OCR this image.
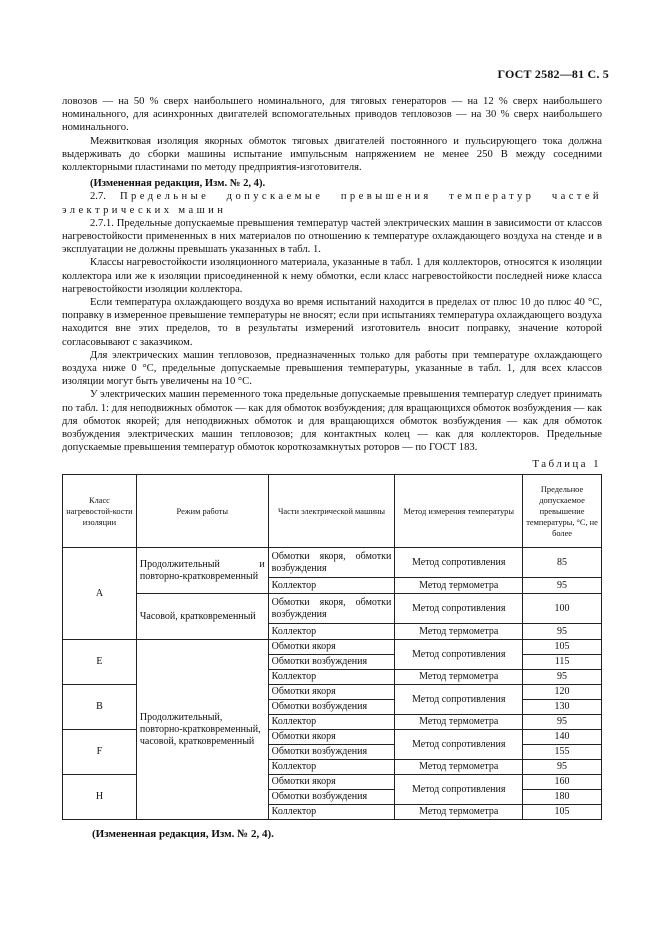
ГОСТ 2582—81 С. 5

ловозов — на 50 % сверх наибольшего номинального, для тяговых генераторов — на 12 % сверх наибольшего номинального, для асинхронных двигателей вспомогательных приводов тепловозов — на 30 % сверх наибольшего номинального.

Межвитковая изоляция якорных обмоток тяговых двигателей постоянного и пульсирующего тока должна выдерживать до сборки машины испытание импульсным напряжением не менее 250 В между соседними коллекторными пластинами по методу предприятия-изготовителя.

(Измененная редакция, Изм. № 2, 4).

2.7. Предельные допускаемые превышения температур частей электрических машин

2.7.1. Предельные допускаемые превышения температур частей электрических машин в зависимости от классов нагревостойкости примененных в них материалов по отношению к температуре охлаждающего воздуха на стенде и в эксплуатации не должны превышать указанных в табл. 1.

Классы нагревостойкости изоляционного материала, указанные в табл. 1 для коллекторов, относятся к изоляции коллектора или же к изоляции присоединенной к нему обмотки, если класс нагревостойкости последней ниже класса нагревостойкости изоляции коллектора.

Если температура охлаждающего воздуха во время испытаний находится в пределах от плюс 10 до плюс 40 °С, поправку в измеренное превышение температуры не вносят; если при испытаниях температура охлаждающего воздуха находится вне этих пределов, то в результаты измерений изготовитель вносит поправку, значение которой согласовывают с заказчиком.

Для электрических машин тепловозов, предназначенных только для работы при температуре охлаждающего воздуха ниже 0 °С, предельные допускаемые превышения температуры, указанные в табл. 1, для всех классов изоляции могут быть увеличены на 10 °С.

У электрических машин переменного тока предельные допускаемые превышения температур следует принимать по табл. 1: для неподвижных обмоток — как для обмоток возбуждения; для вращающихся обмоток возбуждения — как для обмоток якорей; для неподвижных обмоток и для вращающихся обмоток возбуждения — как для обмоток возбуждения электрических машин тепловозов; для контактных колец — как для коллекторов. Предельные допускаемые превышения температур обмоток короткозамкнутых роторов — по ГОСТ 183.

Таблица 1
Класс нагревостой-кости изоляции	Режим работы	Части электрической машины	Метод измерения температуры	Предельное допускаемое превышение температуры, °С, не более
А	Продолжительный и повторно-кратковременный	Обмотки якоря, обмотки возбуждения	Метод сопротивления	85
		Коллектор	Метод термометра	95
	Часовой, кратковременный	Обмотки якоря, обмотки возбуждения	Метод сопротивления	100
		Коллектор	Метод термометра	95
Е	Продолжительный, повторно-кратковременный, часовой, кратковременный	Обмотки якоря	Метод сопротивления	105
		Обмотки возбуждения		115
		Коллектор	Метод термометра	95
В		Обмотки якоря	Метод сопротивления	120
		Обмотки возбуждения		130
		Коллектор	Метод термометра	95
F		Обмотки якоря	Метод сопротивления	140
		Обмотки возбуждения		155
		Коллектор	Метод термометра	95
Н		Обмотки якоря	Метод сопротивления	160
		Обмотки возбуждения		180
		Коллектор	Метод термометра	105
(Измененная редакция, Изм. № 2, 4).
